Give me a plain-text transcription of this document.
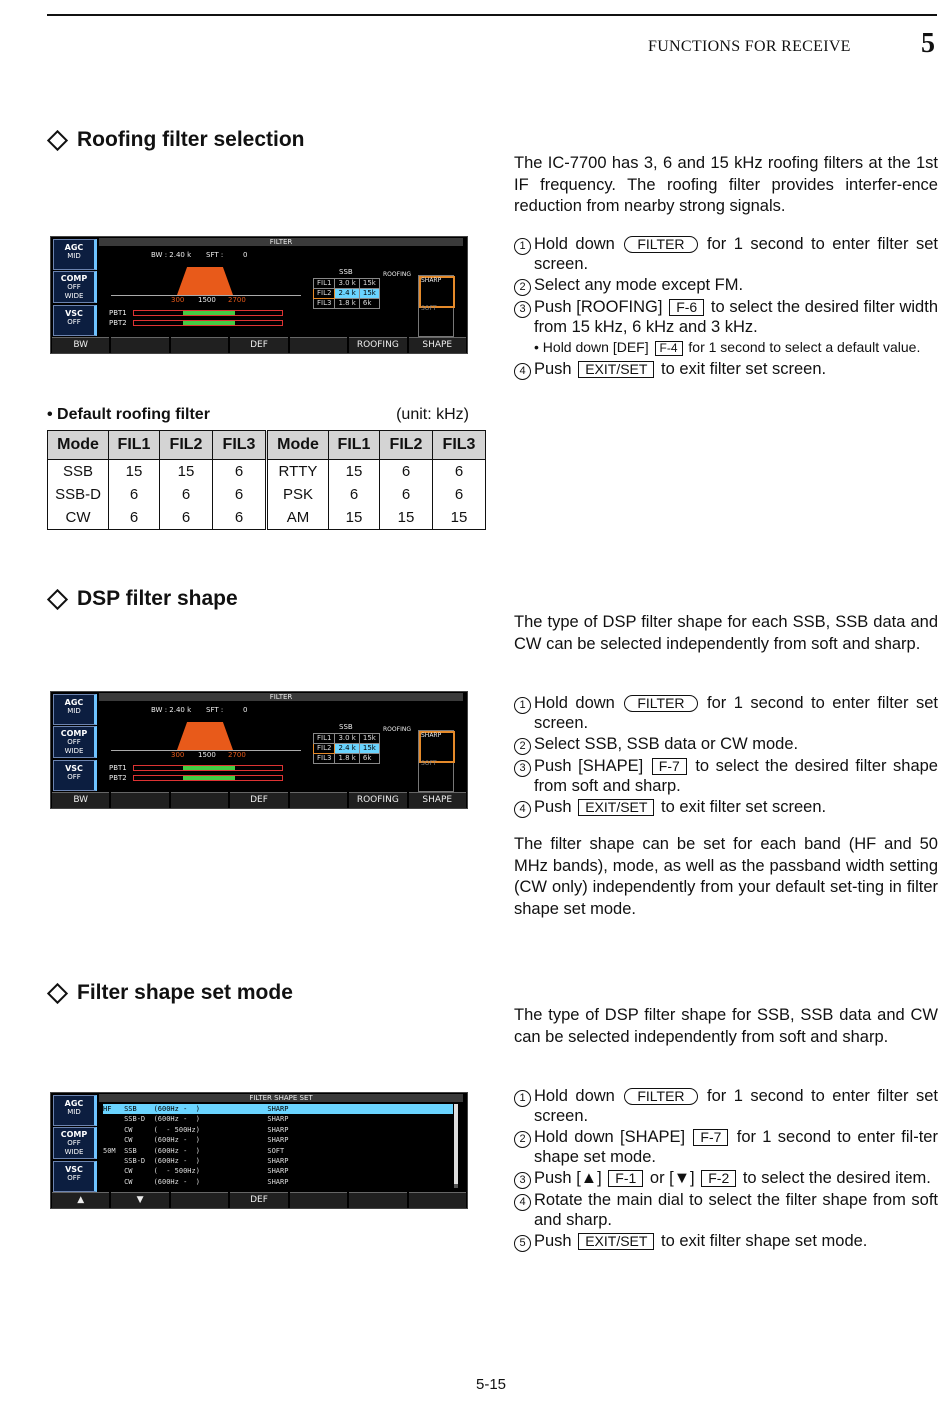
FUNCTIONS FOR RECEIVE	5
Roofing filter selection
The IC-7700 has 3, 6 and 15 kHz roofing filters at the 1st IF frequency. The roofing filter provides interfer-ence reduction from nearby strong signals.
1 Hold down FILTER for 1 second to enter filter set screen.
2 Select any mode except FM.
3 Push [ROOFING] F-6 to select the desired filter width from 15 kHz, 6 kHz and 3 kHz.
• Hold down [DEF] F-4 for 1 second to select a default value.
4 Push EXIT/SET to exit filter set screen.
AGC
MID
COMP
OFF
WIDE
VSC
OFF
FILTER
BW : 2.40 k SFT :	0
300 1500 2700
PBT1
PBT2
SSB	ROOFING
FIL1	3.0 k	15k
FIL2	2.4 k	15k
FIL3	1.8 k	6k
SHARP
SOFT
BW	DEF	ROOFING	SHAPE
• Default roofing filter	(unit: kHz)
Mode	FIL1	FIL2	FIL3	Mode	FIL1	FIL2	FIL3
SSB	15	15	6	RTTY	15	6	6
SSB-D	6	6	6	PSK	6	6	6
CW	6	6	6	AM	15	15	15
DSP filter shape
The type of DSP filter shape for each SSB, SSB data and CW can be selected independently from soft and sharp.
1 Hold down FILTER for 1 second to enter filter set screen.
2 Select SSB, SSB data or CW mode.
3 Push [SHAPE] F-7 to select the desired filter shape from soft and sharp.
4 Push EXIT/SET to exit filter set screen.
The filter shape can be set for each band (HF and 50 MHz bands), mode, as well as the passband width setting (CW only) independently from your default set-ting in filter shape set mode.
AGC
MID
COMP
OFF
WIDE
VSC
OFF
FILTER
BW : 2.40 k SFT :	0
300 1500 2700
PBT1
PBT2
SSB	ROOFING
FIL1	3.0 k	15k
FIL2	2.4 k	15k
FIL3	1.8 k	6k
SHARP
SOFT
BW	DEF	ROOFING	SHAPE
Filter shape set mode
The type of DSP filter shape for SSB, SSB data and CW can be selected independently from soft and sharp.
1 Hold down FILTER for 1 second to enter filter set screen.
2 Hold down [SHAPE] F-7 for 1 second to enter fil-ter shape set mode.
3 Push [▲] F-1 or [▼] F-2 to select the desired item.
4 Rotate the main dial to select the filter shape from soft and sharp.
5 Push EXIT/SET to exit filter shape set mode.
AGC
MID
COMP
OFF
WIDE
VSC
OFF
FILTER SHAPE SET
HF   SSB    (600Hz -  )                SHARP
SSB-D  (600Hz -  )                SHARP
CW     (  - 500Hz)                SHARP
CW     (600Hz -  )                SHARP
50M  SSB    (600Hz -  )                SOFT
SSB-D  (600Hz -  )                SHARP
CW     (  - 500Hz)                SHARP
CW     (600Hz -  )                SHARP
▲	▼	DEF
5-15
